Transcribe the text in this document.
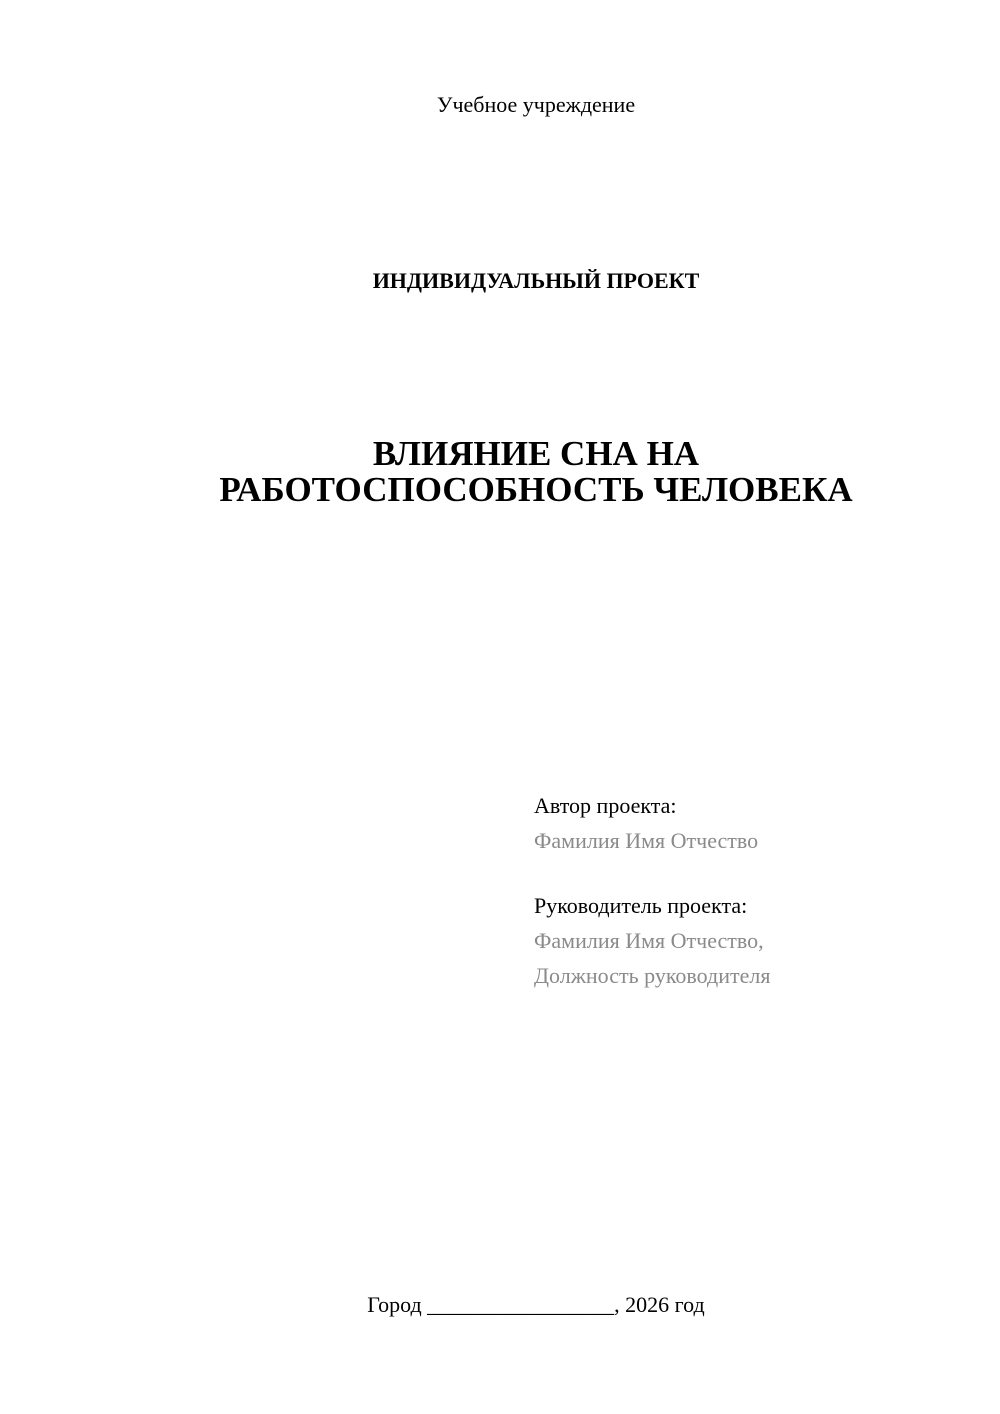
Учебное учреждение
ИНДИВИДУАЛЬНЫЙ ПРОЕКТ
ВЛИЯНИЕ СНА НА
РАБОТОСПОСОБНОСТЬ ЧЕЛОВЕКА
Автор проекта:
Фамилия Имя Отчество
Руководитель проекта:
Фамилия Имя Отчество,
Должность руководителя
Город _________________, 2026 год
